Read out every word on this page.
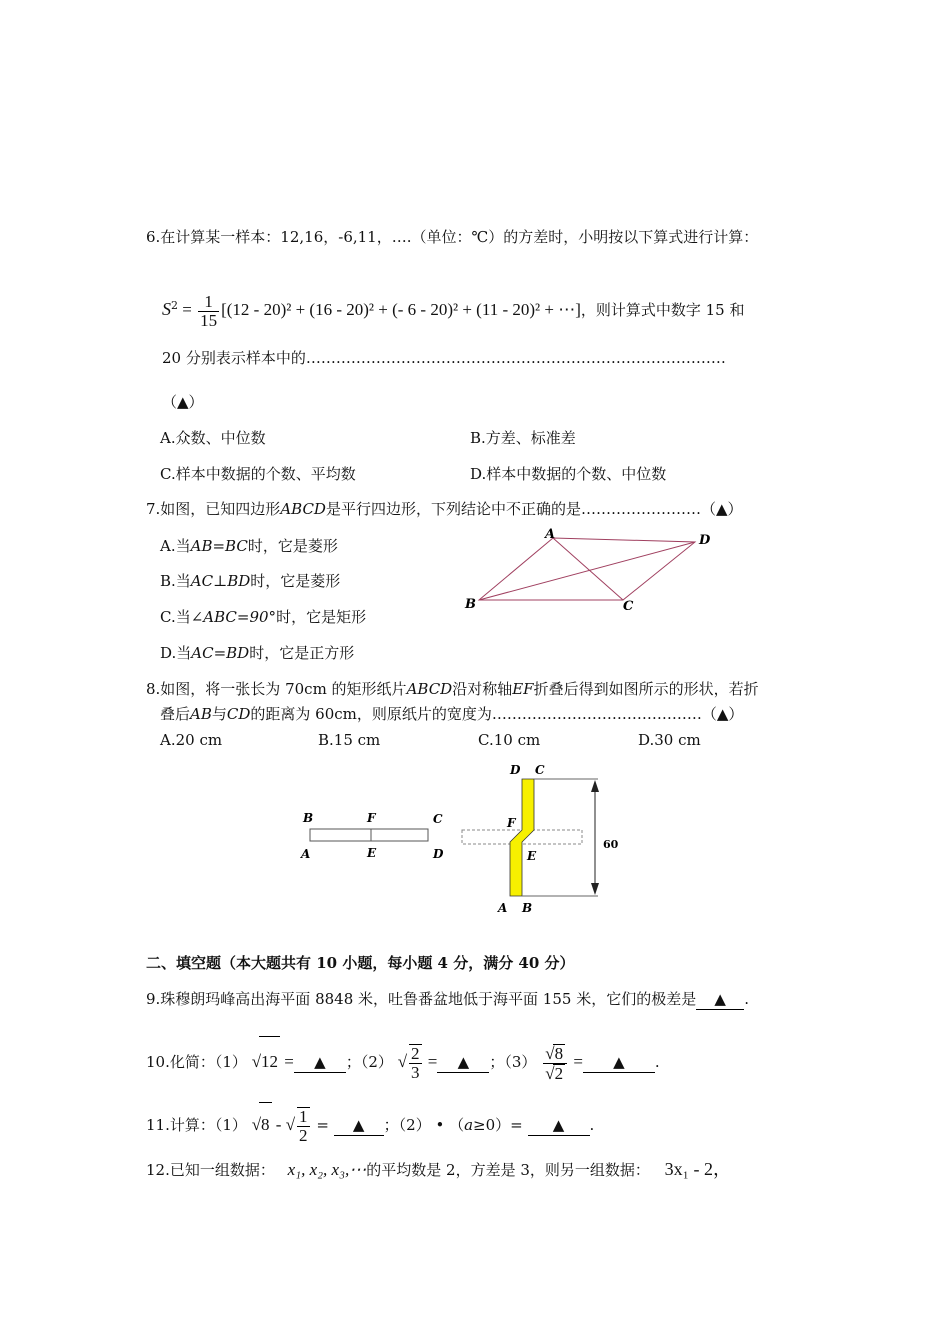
6.在计算某一样本：12,16，-6,11，….（单位：℃）的方差时，小明按以下算式进行计算：
$S^2 = \frac{1}{15} [(12 - 20)^2 + (16 - 20)^2$ + (- 6 - 20)² + (11 - 20)² + ⋯]，则计算式中数字 15 和
20 分别表示样本中的…………………………………………………………………………
（▲）
A.众数、中位数	B.方差、标准差
C.样本中数据的个数、平均数	D.样本中数据的个数、中位数
7.如图，已知四边形ABCD是平行四边形，下列结论中不正确的是……………………（▲）
A.当AB=BC时，它是菱形
B.当AC⊥BD时，它是菱形
C.当∠ABC=90°时，它是矩形
D.当AC=BD时，它是正方形
A	D
B	C
8.如图，将一张长为 70cm 的矩形纸片ABCD沿对称轴EF折叠后得到如图所示的形状，若折
叠后AB与CD的距离为 60cm，则原纸片的宽度为……………………………………（▲）
A.20 cm	B.15 cm	C.10 cm	D.30 cm
B	F	C
A	E	D
60
D C
F
E
A B
二、填空题（本大题共有 10 小题，每小题 4 分，满分 40 分）
9.珠穆朗玛峰高出海平面 8848 米，吐鲁番盆地低于海平面 155 米，它们的极差是 ▲ .
10.化简：（1） √12 = ▲ ；（2） √ $\frac{2}{3}$ = ▲ ；$(3) \frac{√8}{√2}$ = ▲ .
11.计算：（1） √8 - √ $\frac{1}{2}$ = ▲ ；（2） • （a≥0）= ▲ .
12.已知一组数据： x₁, x₂, x₃,⋯的平均数是 2，方差是 3，则另一组数据： 3x₁ - 2，
